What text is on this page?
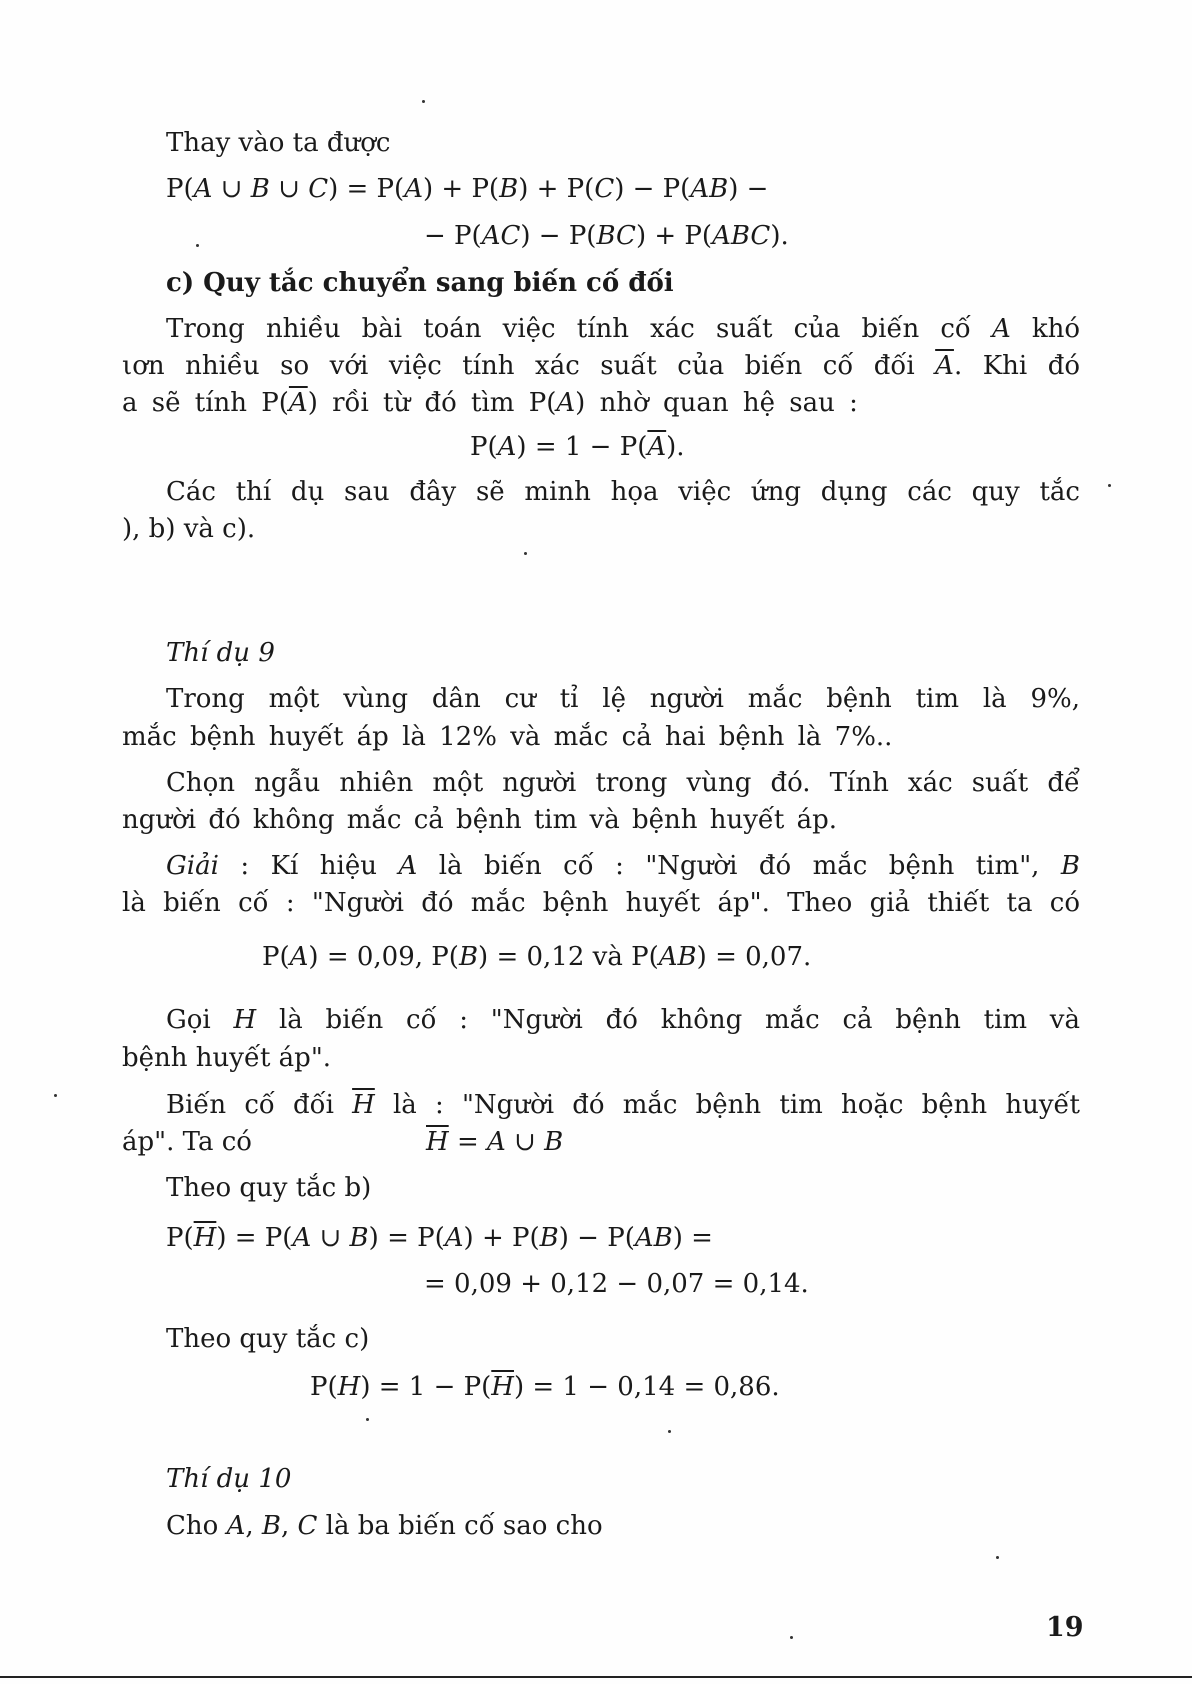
Thay vào ta được
P(A ∪ B ∪ C) = P(A) + P(B) + P(C) − P(AB) −
− P(AC) − P(BC) + P(ABC).
c) Quy tắc chuyển sang biến cố đối
Trong nhiều bài toán việc tính xác suất của biến cố A khó
ιơn nhiều so với việc tính xác suất của biến cố đối $\overline{A}$. Khi đó
a sẽ tính $P(\overline{A})$ rồi từ đó tìm P(A) nhờ quan hệ sau :
$P(A) = 1 - P(\overline{A})$.
Các thí dụ sau đây sẽ minh họa việc ứng dụng các quy tắc
), b) và c).
Thí dụ 9
Trong một vùng dân cư tỉ lệ người mắc bệnh tim là 9%,
mắc bệnh huyết áp là 12% và mắc cả hai bệnh là 7%..
Chọn ngẫu nhiên một người trong vùng đó. Tính xác suất để
người đó không mắc cả bệnh tim và bệnh huyết áp.
Giải : Kí hiệu A là biến cố : "Người đó mắc bệnh tim", B
là biến cố : "Người đó mắc bệnh huyết áp". Theo giả thiết ta có
P(A) = 0,09, P(B) = 0,12 và P(AB) = 0,07.
Gọi H là biến cố : "Người đó không mắc cả bệnh tim và
bệnh huyết áp".
Biến cố đối $\overline{H}$ là : "Người đó mắc bệnh tim hoặc bệnh huyết
áp". Ta có	$\overline{H} = A$ ∪ B
Theo quy tắc b)
$P(\overline{H}) = P(A$ ∪ B) = P(A) + P(B) − P(AB) =
= 0,09 + 0,12 − 0,07 = 0,14.
Theo quy tắc c)
$P(H) = 1 - P(\overline{H}) = 1 - 0,14 = 0,86$.
Thí dụ 10
Cho A, B, C là ba biến cố sao cho
19
